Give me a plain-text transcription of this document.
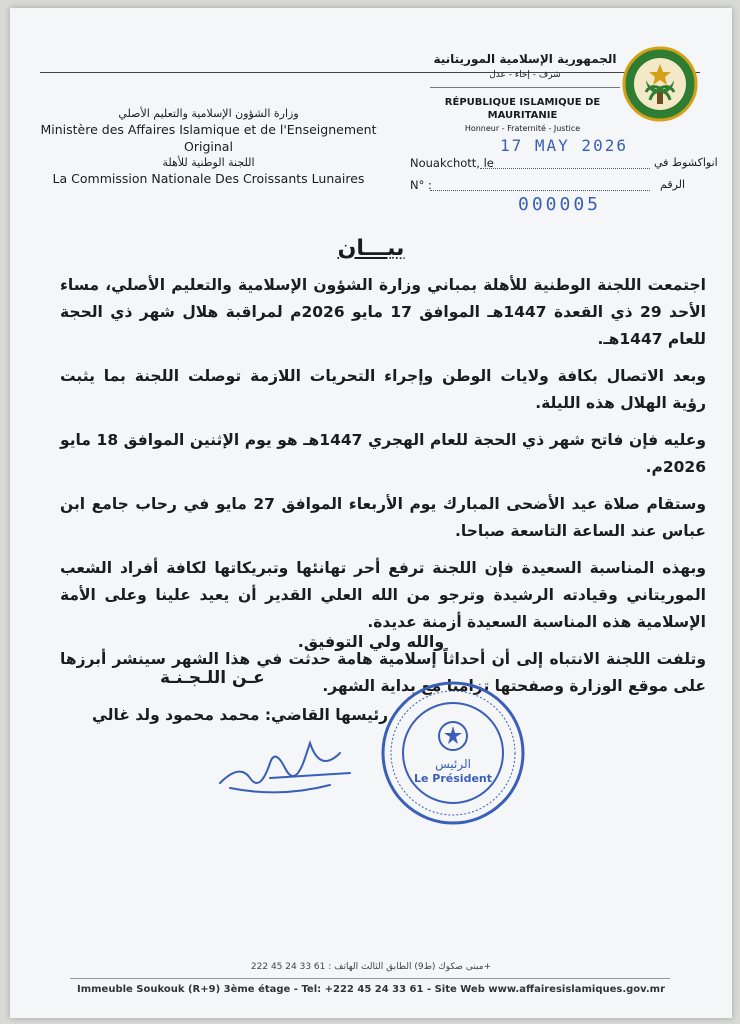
وزارة الشؤون الإسلامية والتعليم الأصلي
Ministère des Affaires Islamique et de l'Enseignement Original
اللجنة الوطنية للأهلة
La Commission Nationale Des Croissants Lunaires
الجمهورية الإسلامية الموريتانية
شرف - إخاء - عدل
RÉPUBLIQUE ISLAMIQUE DE MAURITANIE
Honneur - Fraternité - Justice
17 MAY 2026
Nouakchott, le	انواكشوط في
N° :	الرقم
000005
بيـــان

اجتمعت اللجنة الوطنية للأهلة بمباني وزارة الشؤون الإسلامية والتعليم الأصلي، مساء الأحد 29 ذي القعدة 1447هـ الموافق 17 مايو 2026م لمراقبة هلال شهر ذي الحجة للعام 1447هـ.

وبعد الاتصال بكافة ولايات الوطن وإجراء التحريات اللازمة توصلت اللجنة بما يثبت رؤية الهلال هذه الليلة.

وعليه فإن فاتح شهر ذي الحجة للعام الهجري 1447هـ هو يوم الإثنين الموافق 18 مايو 2026م.

وستقام صلاة عيد الأضحى المبارك يوم الأربعاء الموافق 27 مايو في رحاب جامع ابن عباس عند الساعة التاسعة صباحا.

وبهذه المناسبة السعيدة فإن اللجنة ترفع أحر تهانئها وتبريكاتها لكافة أفراد الشعب الموريتاني وقيادته الرشيدة وترجو من الله العلي القدير أن يعيد علينا وعلى الأمة الإسلامية هذه المناسبة السعيدة أزمنة عديدة.

وتلفت اللجنة الانتباه إلى أن أحداثاً إسلامية هامة حدثت في هذا الشهر سينشر أبرزها على موقع الوزارة وصفحتها تزامنا مع بداية الشهر.

والله ولي التوفيق.
عـن اللـجـنـة
رئيسها القاضي: محمد محمود ولد غالي
الرئيس
Le Président
مبنى صكوك (ط9) الطابق الثالث الهاتف : 61 33 24 45 222+
Immeuble Soukouk (R+9) 3ème étage - Tel: +222 45 24 33 61 - Site Web www.affairesislamiques.gov.mr
